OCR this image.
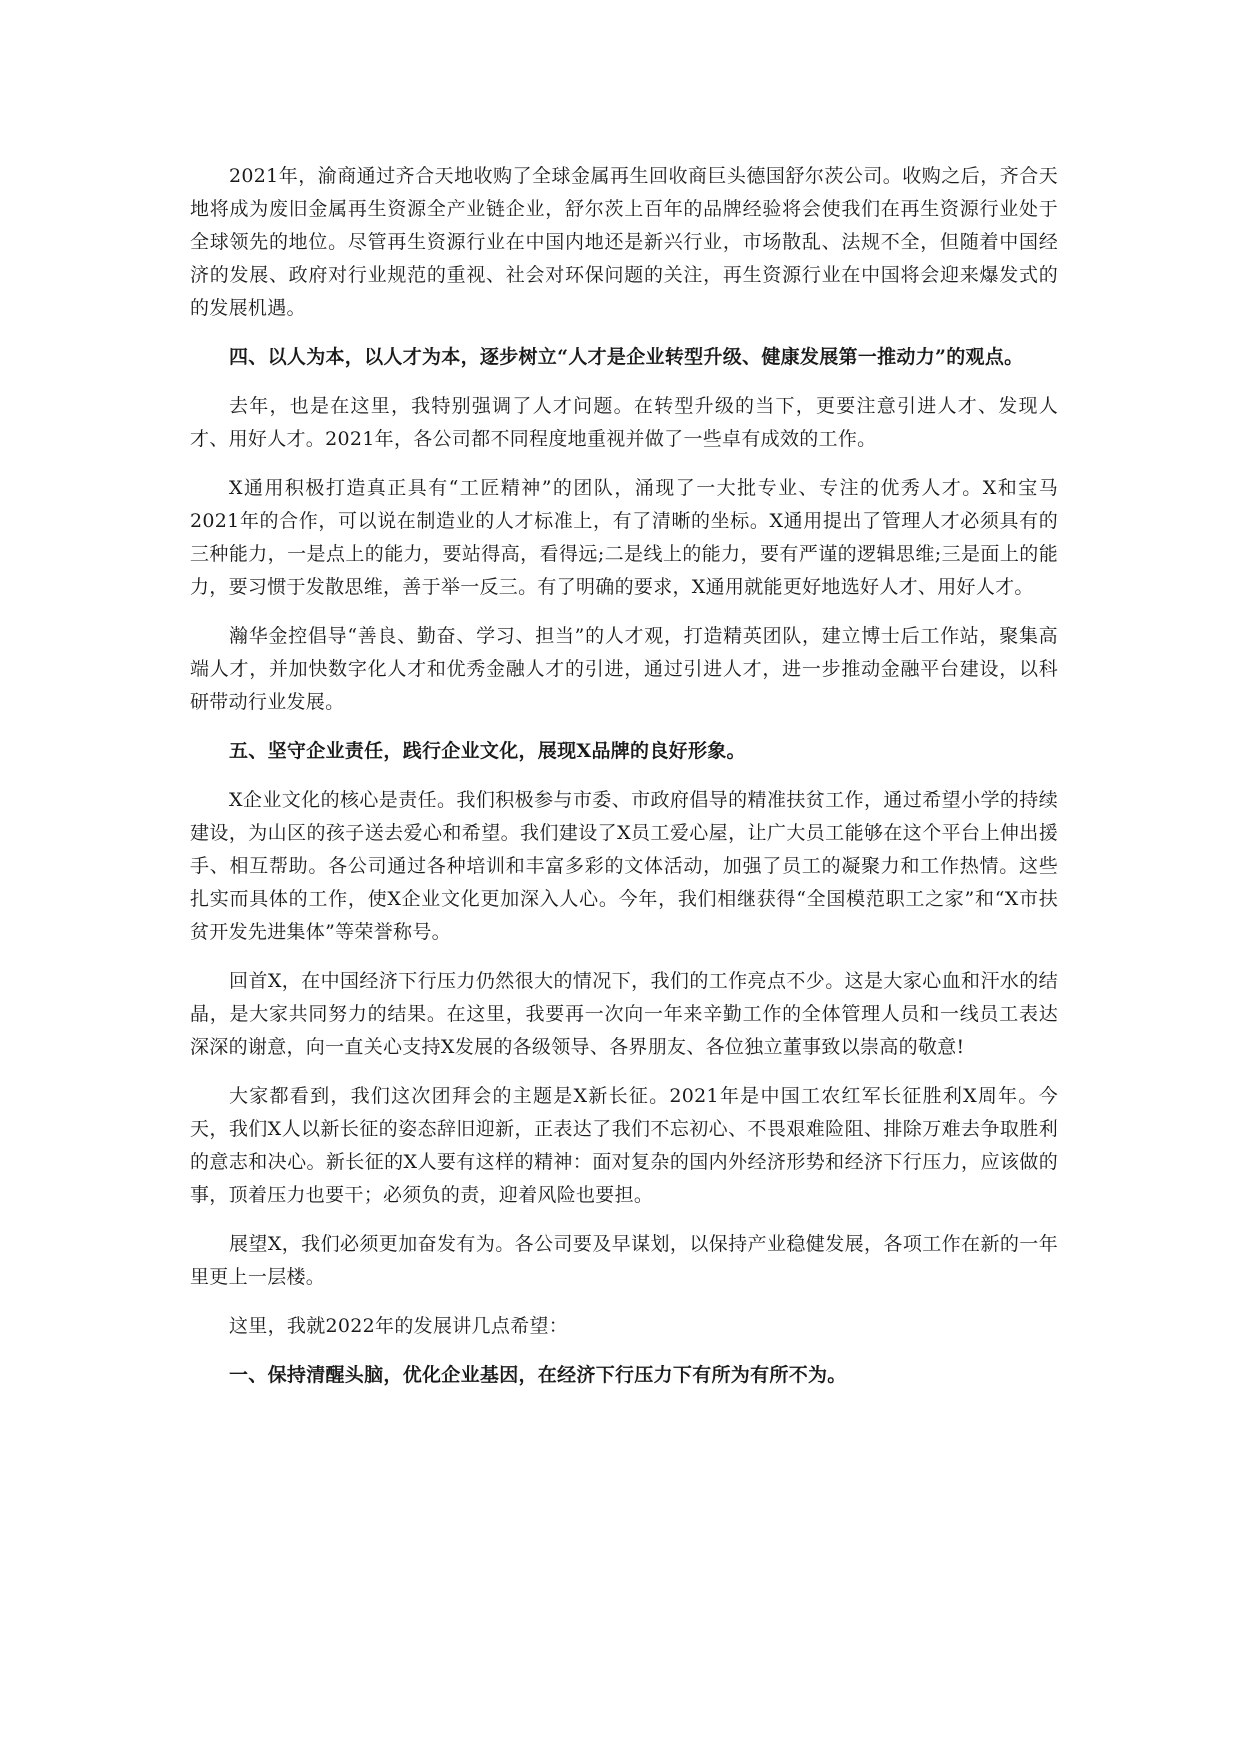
2021年，渝商通过齐合天地收购了全球金属再生回收商巨头德国舒尔茨公司。收购之后，齐合天地将成为废旧金属再生资源全产业链企业，舒尔茨上百年的品牌经验将会使我们在再生资源行业处于全球领先的地位。尽管再生资源行业在中国内地还是新兴行业，市场散乱、法规不全，但随着中国经济的发展、政府对行业规范的重视、社会对环保问题的关注，再生资源行业在中国将会迎来爆发式的的发展机遇。

四、以人为本，以人才为本，逐步树立“人才是企业转型升级、健康发展第一推动力”的观点。

去年，也是在这里，我特别强调了人才问题。在转型升级的当下，更要注意引进人才、发现人才、用好人才。2021年，各公司都不同程度地重视并做了一些卓有成效的工作。

X通用积极打造真正具有“工匠精神”的团队，涌现了一大批专业、专注的优秀人才。X和宝马2021年的合作，可以说在制造业的人才标准上，有了清晰的坐标。X通用提出了管理人才必须具有的三种能力，一是点上的能力，要站得高，看得远;二是线上的能力，要有严谨的逻辑思维;三是面上的能力，要习惯于发散思维，善于举一反三。有了明确的要求，X通用就能更好地选好人才、用好人才。

瀚华金控倡导“善良、勤奋、学习、担当”的人才观，打造精英团队，建立博士后工作站，聚集高端人才，并加快数字化人才和优秀金融人才的引进，通过引进人才，进一步推动金融平台建设，以科研带动行业发展。

五、坚守企业责任，践行企业文化，展现X品牌的良好形象。

X企业文化的核心是责任。我们积极参与市委、市政府倡导的精准扶贫工作，通过希望小学的持续建设，为山区的孩子送去爱心和希望。我们建设了X员工爱心屋，让广大员工能够在这个平台上伸出援手、相互帮助。各公司通过各种培训和丰富多彩的文体活动，加强了员工的凝聚力和工作热情。这些扎实而具体的工作，使X企业文化更加深入人心。今年，我们相继获得“全国模范职工之家”和“X市扶贫开发先进集体”等荣誉称号。

回首X，在中国经济下行压力仍然很大的情况下，我们的工作亮点不少。这是大家心血和汗水的结晶，是大家共同努力的结果。在这里，我要再一次向一年来辛勤工作的全体管理人员和一线员工表达深深的谢意，向一直关心支持X发展的各级领导、各界朋友、各位独立董事致以崇高的敬意!

大家都看到，我们这次团拜会的主题是X新长征。2021年是中国工农红军长征胜利X周年。今天，我们X人以新长征的姿态辞旧迎新，正表达了我们不忘初心、不畏艰难险阻、排除万难去争取胜利的意志和决心。新长征的X人要有这样的精神：面对复杂的国内外经济形势和经济下行压力，应该做的事，顶着压力也要干；必须负的责，迎着风险也要担。

展望X，我们必须更加奋发有为。各公司要及早谋划，以保持产业稳健发展，各项工作在新的一年里更上一层楼。

这里，我就2022年的发展讲几点希望：

一、保持清醒头脑，优化企业基因，在经济下行压力下有所为有所不为。
